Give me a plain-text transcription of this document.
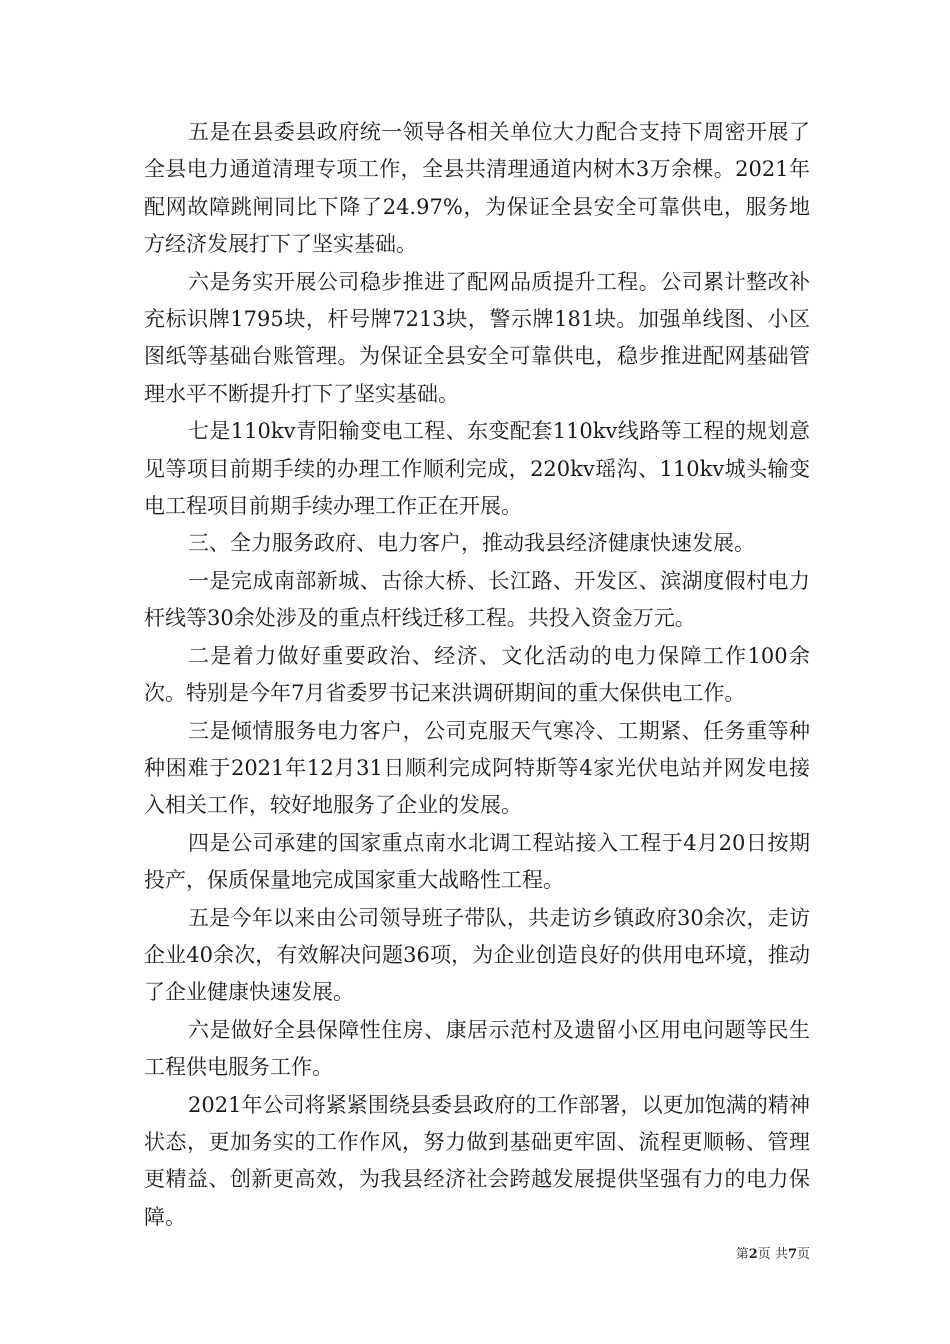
五是在县委县政府统一领导各相关单位大力配合支持下周密开展了全县电力通道清理专项工作，全县共清理通道内树木3万余棵。2021年配网故障跳闸同比下降了24.97%，为保证全县安全可靠供电，服务地方经济发展打下了坚实基础。

六是务实开展公司稳步推进了配网品质提升工程。公司累计整改补充标识牌1795块，杆号牌7213块，警示牌181块。加强单线图、小区图纸等基础台账管理。为保证全县安全可靠供电，稳步推进配网基础管理水平不断提升打下了坚实基础。

七是110kv青阳输变电工程、东变配套110kv线路等工程的规划意见等项目前期手续的办理工作顺利完成，220kv瑶沟、110kv城头输变电工程项目前期手续办理工作正在开展。

三、全力服务政府、电力客户，推动我县经济健康快速发展。

一是完成南部新城、古徐大桥、长江路、开发区、滨湖度假村电力杆线等30余处涉及的重点杆线迁移工程。共投入资金万元。

二是着力做好重要政治、经济、文化活动的电力保障工作100余次。特别是今年7月省委罗书记来洪调研期间的重大保供电工作。

三是倾情服务电力客户，公司克服天气寒冷、工期紧、任务重等种种困难于2021年12月31日顺利完成阿特斯等4家光伏电站并网发电接入相关工作，较好地服务了企业的发展。

四是公司承建的国家重点南水北调工程站接入工程于4月20日按期投产，保质保量地完成国家重大战略性工程。

五是今年以来由公司领导班子带队，共走访乡镇政府30余次，走访企业40余次，有效解决问题36项，为企业创造良好的供用电环境，推动了企业健康快速发展。

六是做好全县保障性住房、康居示范村及遗留小区用电问题等民生工程供电服务工作。

2021年公司将紧紧围绕县委县政府的工作部署，以更加饱满的精神状态，更加务实的工作作风，努力做到基础更牢固、流程更顺畅、管理更精益、创新更高效，为我县经济社会跨越发展提供坚强有力的电力保障。

第2页 共7页
